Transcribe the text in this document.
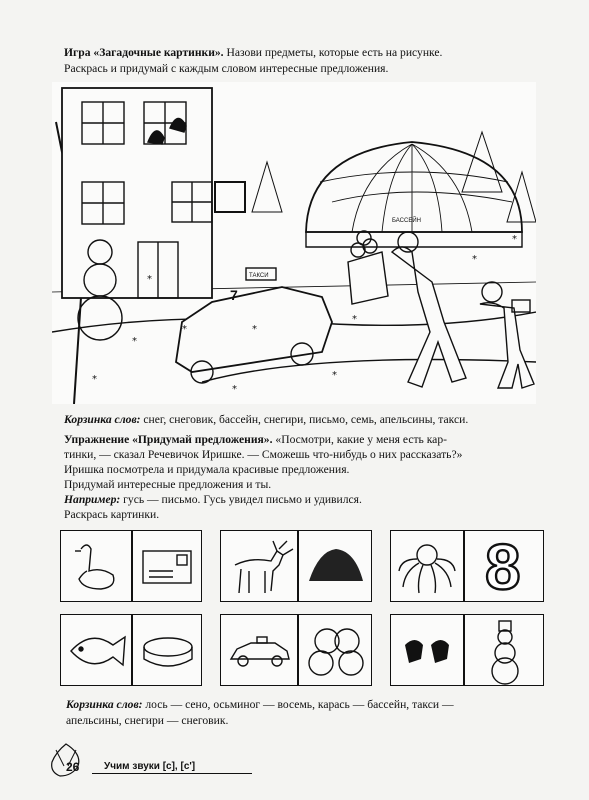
Игра «Загадочные картинки». Назови предметы, которые есть на рисунке.
Раскрась и придумай с каждым словом интересные предложения.
*
*
*
*
*
*
*
*
*
*
7
ТАКСИ
БАССЕЙН
Корзинка слов: снег, снеговик, бассейн, снегири, письмо, семь, апельсины, такси.
Упражнение «Придумай предложения». «Посмотри, какие у меня есть кар-
тинки, — сказал Речевичок Иришке. — Сможешь что-нибудь о них рассказать?»
Иришка посмотрела и придумала красивые предложения.
Придумай интересные предложения и ты.
Например: гусь — письмо. Гусь увидел письмо и удивился.
Раскрась картинки.
8
Корзинка слов: лось — сено, осьминог — восемь, карась — бассейн, такси —
апельсины, снегири — снеговик.
26 Учим звуки [с], [с']
